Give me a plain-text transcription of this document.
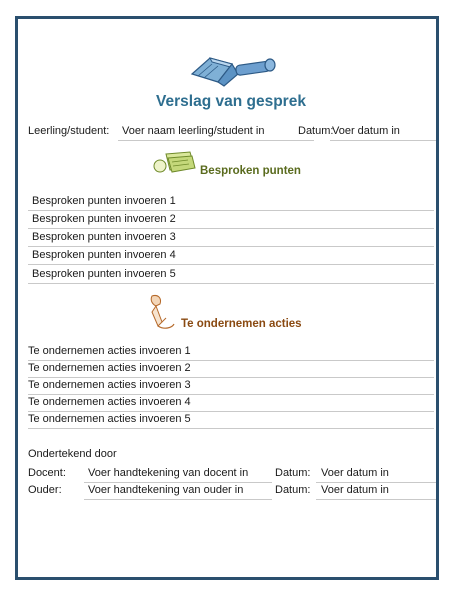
Verslag van gesprek
Leerling/student: Voer naam leerling/student in	Datum:
Voer datum in
Besproken punten
Besproken punten invoeren 1
Besproken punten invoeren 2
Besproken punten invoeren 3
Besproken punten invoeren 4
Besproken punten invoeren 5
Te ondernemen acties
Te ondernemen acties invoeren 1
Te ondernemen acties invoeren 2
Te ondernemen acties invoeren 3
Te ondernemen acties invoeren 4
Te ondernemen acties invoeren 5
Ondertekend door
Docent: Voer handtekening van docent in Datum: Voer datum in
Ouder: Voer handtekening van ouder in	Datum: Voer datum in
